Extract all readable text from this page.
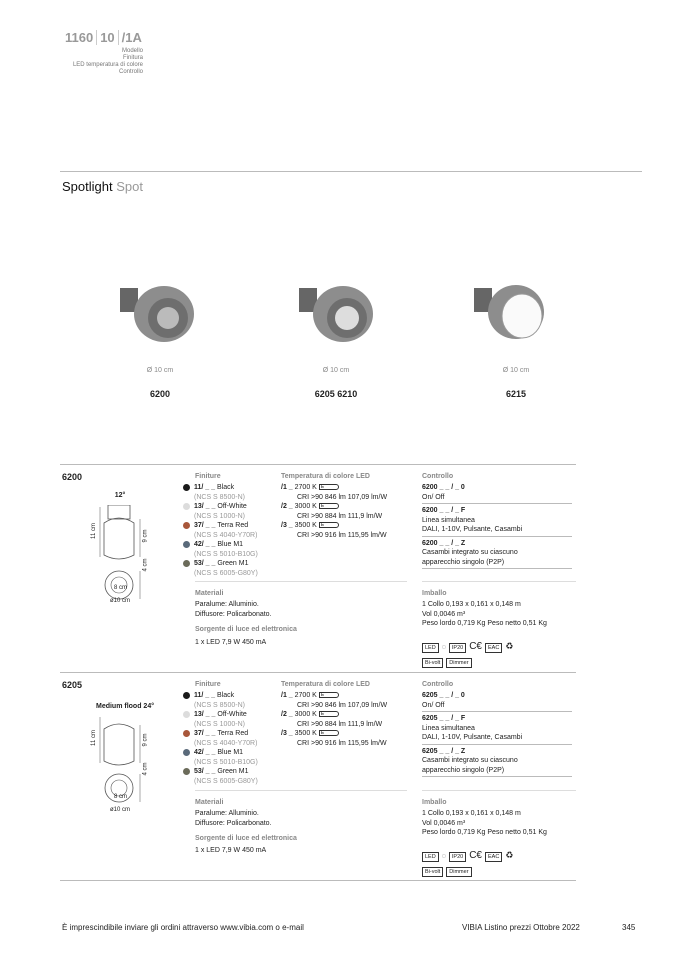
1160 10 /1A
Modello
Finitura
LED temperatura di colore
Controllo
Spotlight Spot
Ø 10 cm	Ø 10 cm	Ø 10 cm
6200	6205 6210	6215
6200
12°
11 cm	9 cm
4 cm
8 cm
ø10 cm
Finiture
11/ _ _
Black
(NCS S 8500-N)
13/ _ _
Off-White
(NCS S 1000-N)
37/ _ _
Terra Red
(NCS S 4040-Y70R)
42/ _ _
Blue M1
(NCS S 5010-B10G)
53/ _ _
Green M1
(NCS S 6005-G80Y)
Temperatura di colore LED
/1 _ 2700 KE
CRI >90 846 lm 107,09 lm/W
/2 _ 3000 KE
CRI >90 884 lm 111,9 lm/W
/3 _ 3500 KE
CRI >90 916 lm 115,95 lm/W
Controllo
6200 _ _ / _ 0
On/ Off
6200 _ _ / _ F
Linea simultanea
DALI, 1-10V, Pulsante, Casambi
6200 _ _ / _ Z
Casambi integrato su ciascuno
apparecchio singolo (P2P)
Materiali
Paralume: Alluminio.
Diffusore: Policarbonato.
Sorgente di luce ed elettronica
1 x LED 7,9 W 450 mA
Imballo
1 Collo 0,193 x 0,161 x 0,148 m
Vol 0,0046 m³
Peso lordo 0,719 Kg Peso netto 0,51 Kg
LED ◌ IP20 C€ EAC ♻
Bi-volt Dimmer
6205
Medium flood 24°
11 cm	9 cm
4 cm
8 cm
ø10 cm
Finiture
11/ _ _
Black
(NCS S 8500-N)
13/ _ _
Off-White
(NCS S 1000-N)
37/ _ _
Terra Red
(NCS S 4040-Y70R)
42/ _ _
Blue M1
(NCS S 5010-B10G)
53/ _ _
Green M1
(NCS S 6005-G80Y)
Temperatura di colore LED
/1 _ 2700 KE
CRI >90 846 lm 107,09 lm/W
/2 _ 3000 KE
CRI >90 884 lm 111,9 lm/W
/3 _ 3500 KE
CRI >90 916 lm 115,95 lm/W
Controllo
6205 _ _ / _ 0
On/ Off
6205 _ _ / _ F
Linea simultanea
DALI, 1-10V, Pulsante, Casambi
6205 _ _ / _ Z
Casambi integrato su ciascuno
apparecchio singolo (P2P)
Materiali
Paralume: Alluminio.
Diffusore: Policarbonato.
Sorgente di luce ed elettronica
1 x LED 7,9 W 450 mA
Imballo
1 Collo 0,193 x 0,161 x 0,148 m
Vol 0,0046 m³
Peso lordo 0,719 Kg Peso netto 0,51 Kg
LED ◌ IP20 C€ EAC ♻
Bi-volt Dimmer
È imprescindibile inviare gli ordini attraverso www.vibia.com o e-mail	VIBIA Listino prezzi Ottobre 2022	345
